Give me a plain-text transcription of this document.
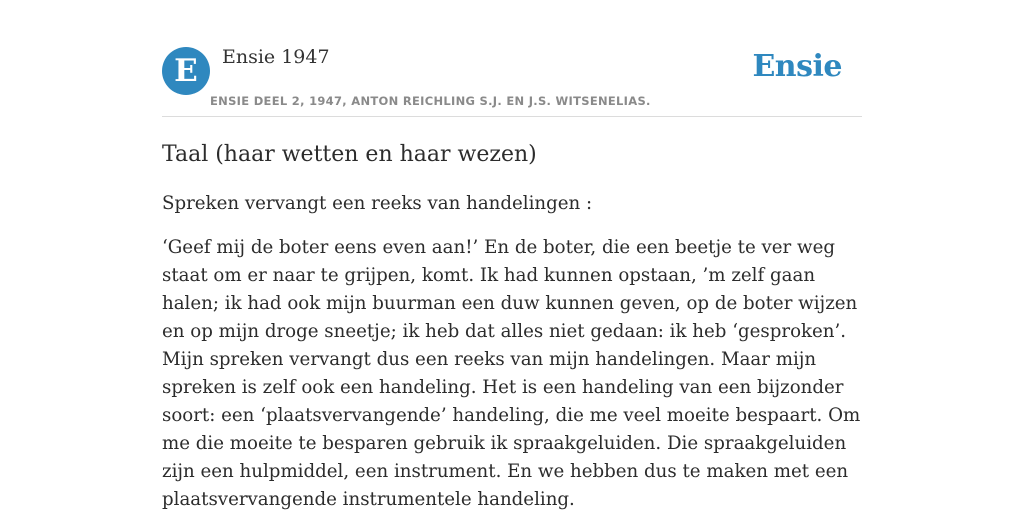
E	Ensie 1947
ENSIE DEEL 2, 1947, ANTON REICHLING S.J. EN J.S. WITSENELIAS.
Ensie
Taal (haar wetten en haar wezen)

Spreken vervangt een reeks van handelingen :

‘Geef mij de boter eens even aan!’ En de boter, die een beetje te ver weg staat om er naar te grijpen, komt. Ik had kunnen opstaan, ’m zelf gaan halen; ik had ook mijn buurman een duw kunnen geven, op de boter wijzen en op mijn droge sneetje; ik heb dat alles niet gedaan: ik heb ‘gesproken’. Mijn spreken vervangt dus een reeks van mijn handelingen. Maar mijn spreken is zelf ook een handeling. Het is een handeling van een bijzonder soort: een ‘plaatsvervangende’ handeling, die me veel moeite bespaart. Om me die moeite te besparen gebruik ik spraakgeluiden. Die spraakgeluiden zijn een hulpmiddel, een instrument. En we hebben dus te maken met een plaatsvervangende instrumentele handeling.
